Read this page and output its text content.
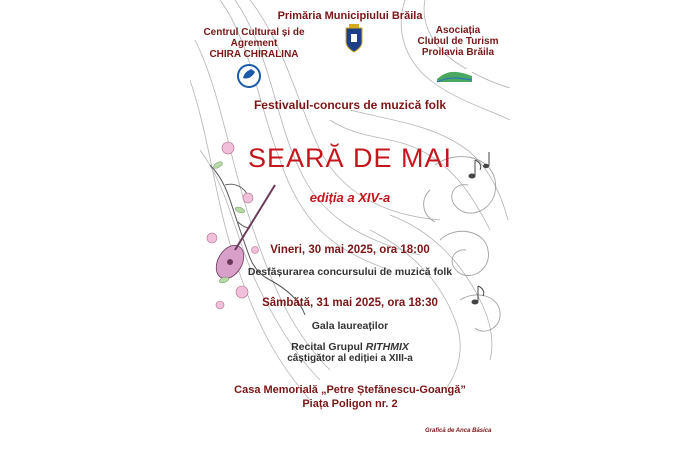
Primăria Municipiului Brăila
Centrul Cultural și de
Agrement
CHIRA CHIRALINA
Asociația
Clubul de Turism
Proilavia Brăila
Festivalul-concurs de muzică folk
SEARĂ DE MAI
ediția a XIV-a
Vineri, 30 mai 2025, ora 18:00
Desfășurarea concursului de muzică folk
Sâmbătă, 31 mai 2025, ora 18:30
Gala laureaților
Recital Grupul RITHMIX
câștigător al ediției a XIII-a
Casa Memorială „Petre Ștefănescu-Goangă”
Piața Poligon nr. 2
Grafică de Anca Băsica
